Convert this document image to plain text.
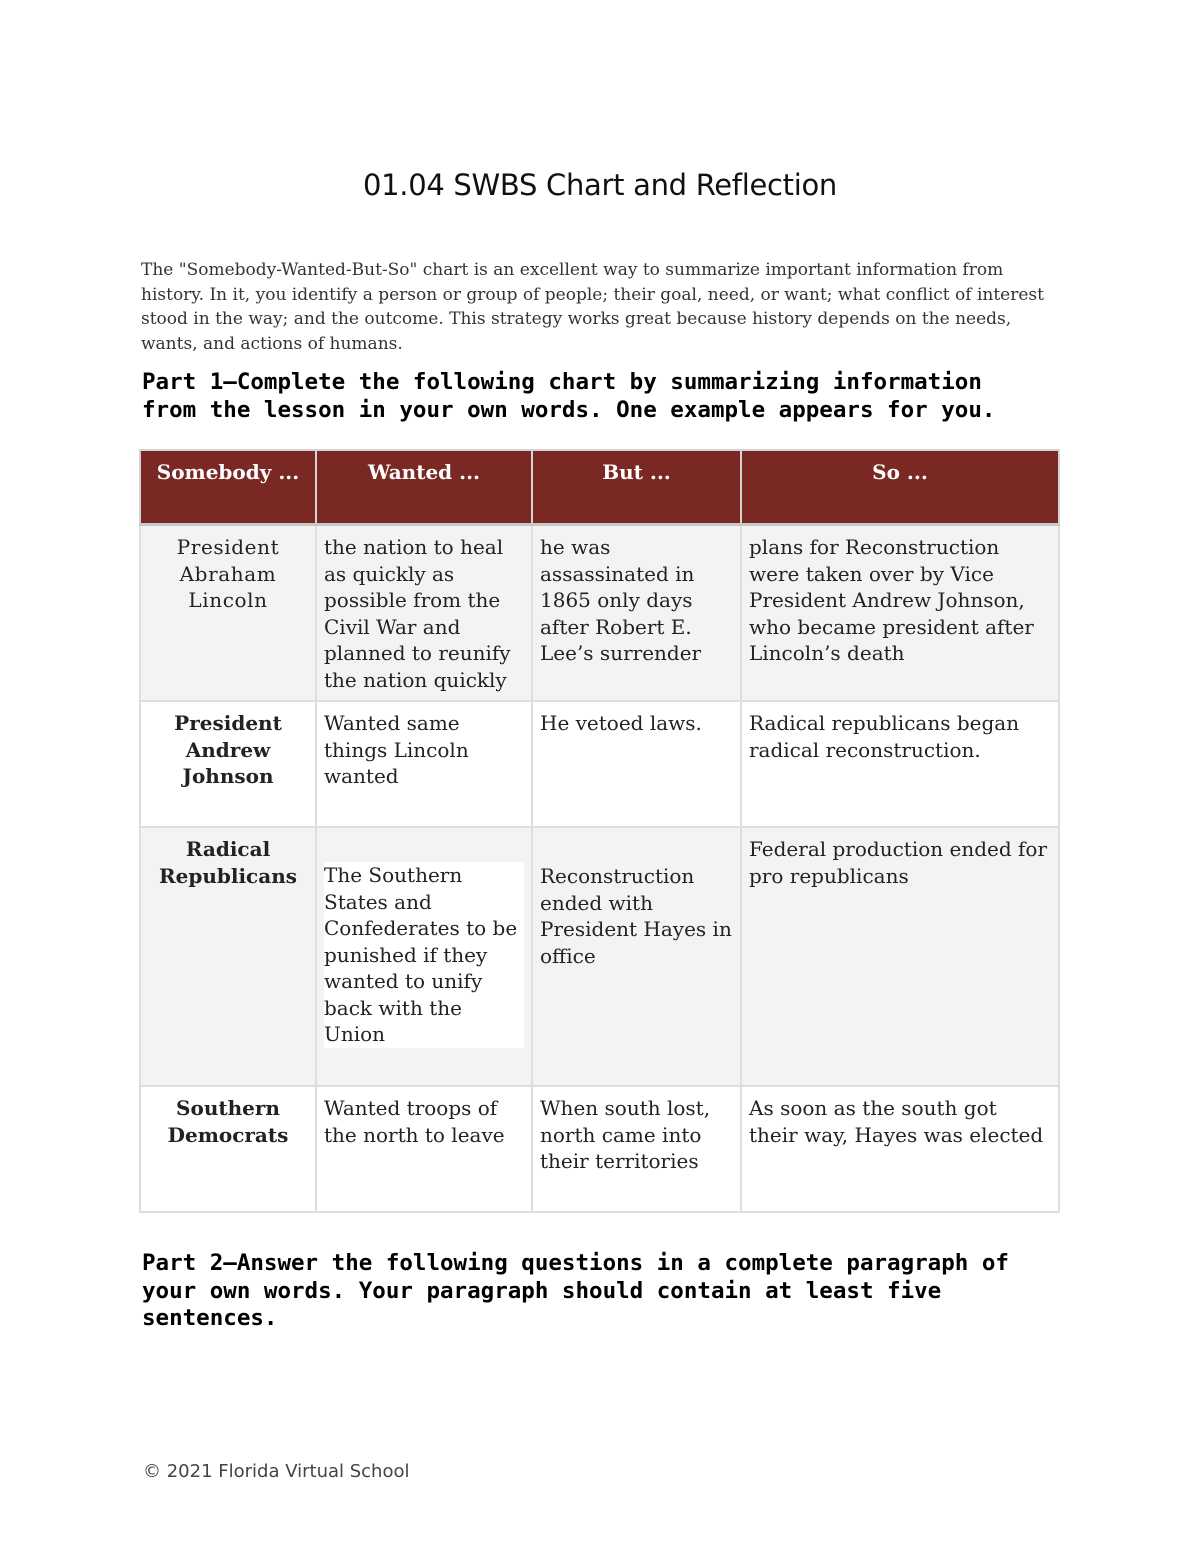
01.04 SWBS Chart and Reflection

The "Somebody-Wanted-But-So" chart is an excellent way to summarize important information from history. In it, you identify a person or group of people; their goal, need, or want; what conflict of interest stood in the way; and the outcome. This strategy works great because history depends on the needs, wants, and actions of humans.

Part 1–Complete the following chart by summarizing information from the lesson in your own words. One example appears for you.

Somebody ...	Wanted ...	But ...	So ...
President Abraham Lincoln	the nation to heal as quickly as possible from the Civil War and planned to reunify the nation quickly	he was assassinated in 1865 only days after Robert E. Lee’s surrender	plans for Reconstruction were taken over by Vice President Andrew Johnson, who became president after Lincoln’s death
President Andrew Johnson	Wanted same things Lincoln wanted	He vetoed laws.	Radical republicans began radical reconstruction.
Radical Republicans	The Southern States and Confederates to be punished if they wanted to unify back with the Union	Reconstruction ended with President Hayes in office	Federal production ended for pro republicans
Southern Democrats	Wanted troops of the north to leave	When south lost, north came into their territories	As soon as the south got their way, Hayes was elected

Part 2–Answer the following questions in a complete paragraph of your own words. Your paragraph should contain at least five sentences.

© 2021 Florida Virtual School
